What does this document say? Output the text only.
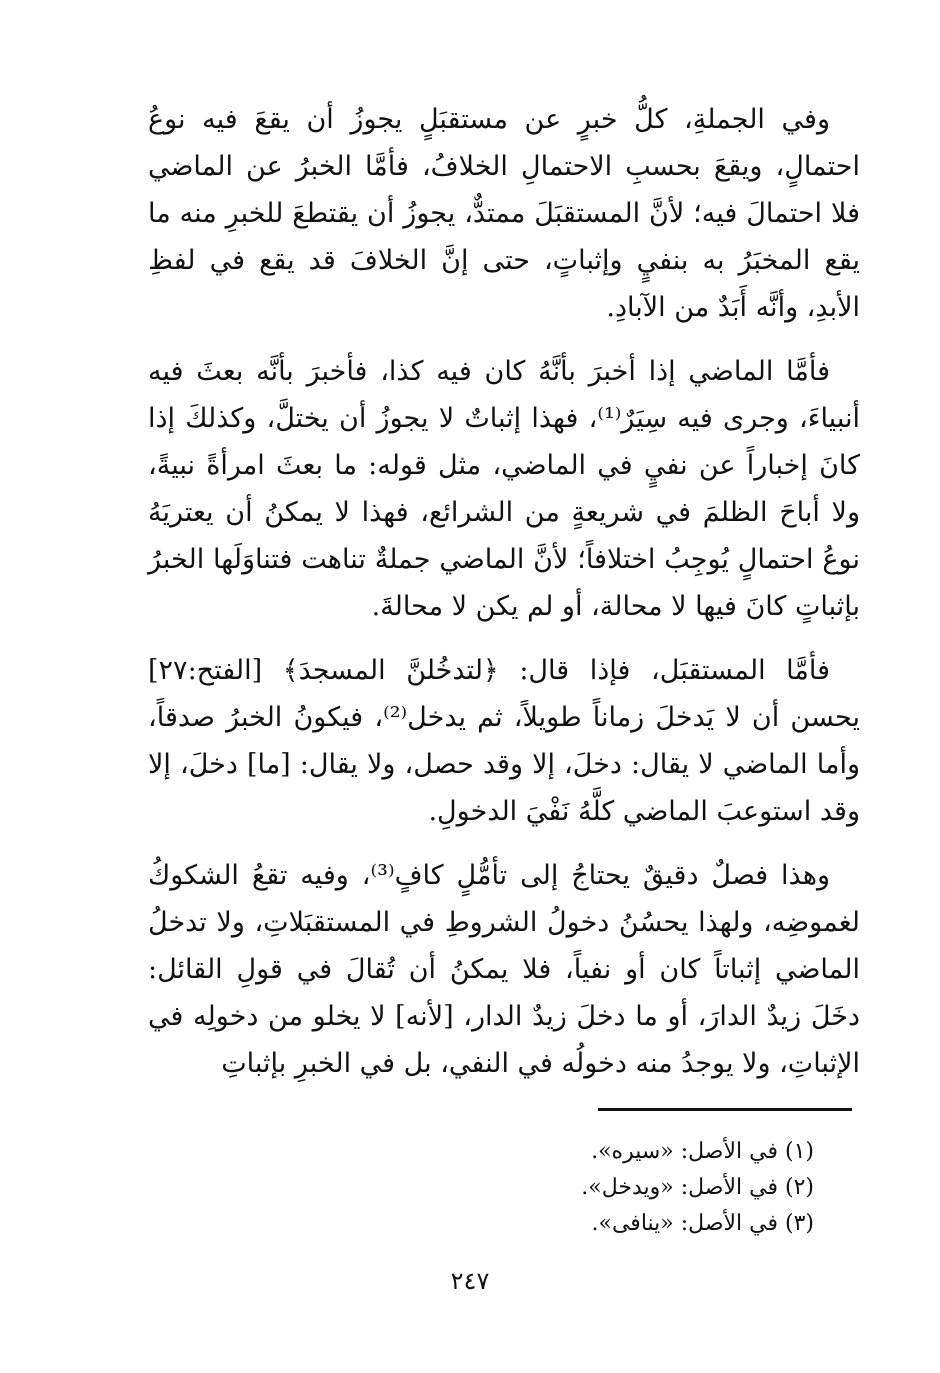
وفي الجملةِ، كلُّ خبرٍ عن مستقبَلٍ يجوزُ أن يقعَ فيه نوعُ احتمالٍ، ويقعَ بحسبِ الاحتمالِ الخلافُ، فأمَّا الخبرُ عن الماضي فلا احتمالَ فيه؛ لأنَّ المستقبَلَ ممتدٌّ، يجوزُ أن يقتطعَ للخبرِ منه ما يقع المخبَرُ به بنفيٍ وإثباتٍ، حتى إنَّ الخلافَ قد يقع في لفظِ الأبدِ، وأنَّه أَبَدٌ من الآبادِ.

فأمَّا الماضي إذا أخبرَ بأنَّهُ كان فيه كذا، فأخبرَ بأنَّه بعثَ فيه أنبياءَ، وجرى فيه سِيَرٌ⁽¹⁾، فهذا إثباتٌ لا يجوزُ أن يختلَّ، وكذلكَ إذا كانَ إخباراً عن نفيٍ في الماضي، مثل قوله: ما بعثَ امرأةً نبيةً، ولا أباحَ الظلمَ في شريعةٍ من الشرائع، فهذا لا يمكنُ أن يعتريَهُ نوعُ احتمالٍ يُوجِبُ اختلافاً؛ لأنَّ الماضي جملةٌ تناهت فتناوَلَها الخبرُ بإثباتٍ كانَ فيها لا محالة، أو لم يكن لا محالةَ.

فأمَّا المستقبَل، فإذا قال: ﴿لتدخُلنَّ المسجدَ﴾ [الفتح:٢٧] يحسن أن لا يَدخلَ زماناً طويلاً، ثم يدخل⁽²⁾، فيكونُ الخبرُ صدقاً، وأما الماضي لا يقال: دخلَ، إلا وقد حصل، ولا يقال: [ما] دخلَ، إلا وقد استوعبَ الماضي كلَّهُ نَفْيَ الدخولِ.

وهذا فصلٌ دقيقٌ يحتاجُ إلى تأمُّلٍ كافٍ⁽³⁾، وفيه تقعُ الشكوكُ لغموضِه، ولهذا يحسُنُ دخولُ الشروطِ في المستقبَلاتِ، ولا تدخلُ الماضي إثباتاً كان أو نفياً، فلا يمكنُ أن تُقالَ في قولِ القائل: دخَلَ زيدٌ الدارَ، أو ما دخلَ زيدٌ الدار، [لأنه] لا يخلو من دخولِه في الإثباتِ، ولا يوجدُ منه دخولُه في النفي، بل في الخبرِ بإثباتِ

(١) في الأصل: «سيره».

(٢) في الأصل: «ويدخل».

(٣) في الأصل: «ينافى».

٢٤٧
